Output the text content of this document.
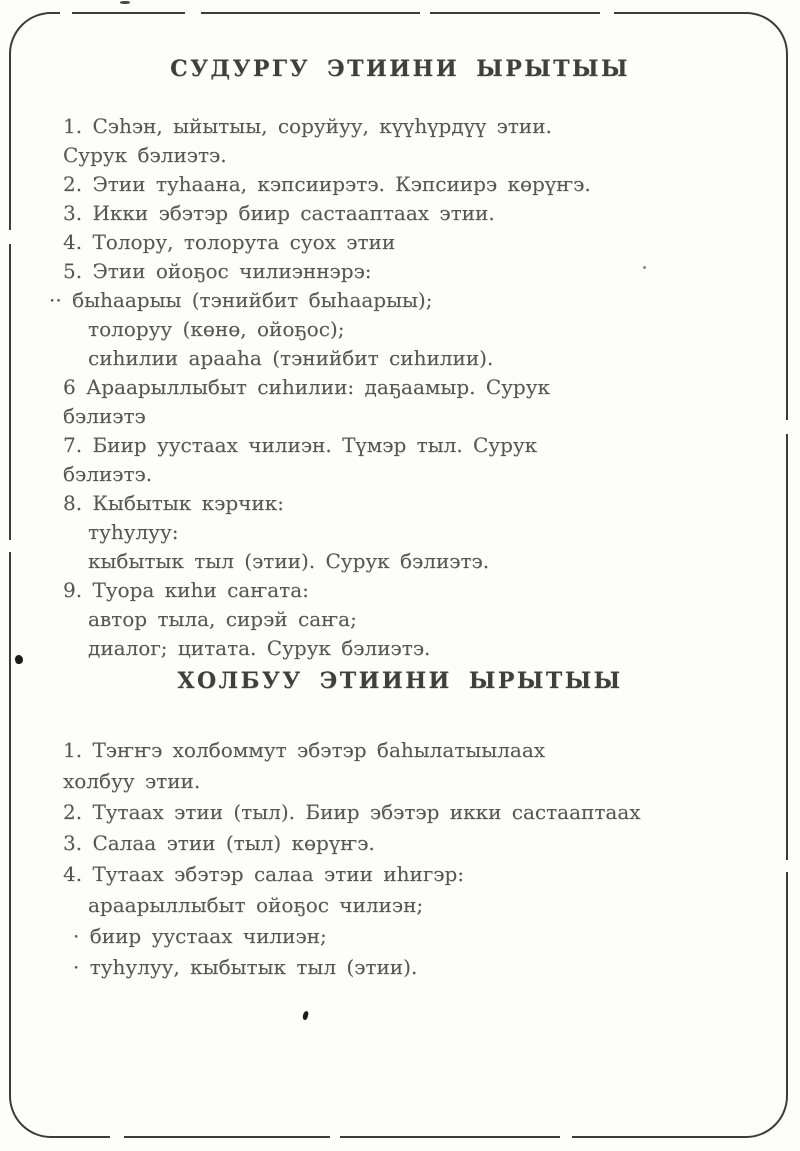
СУДУРГУ ЭТИИНИ ЫРЫТЫЫ
1. Сэһэн, ыйытыы, соруйуу, күүһүрдүү этии.
Сурук бэлиэтэ.
2. Этии туһаана, кэпсиирэтэ. Кэпсиирэ көрүҥэ.
3. Икки эбэтэр биир састааптаах этии.
4. Толору, толорута суох этии
5. Этии ойоҕос чилиэннэрэ:
·· быһаарыы (тэнийбит быһаарыы);
толоруу (көнө, ойоҕос);
сиһилии арааһа (тэнийбит сиһилии).
6 Араарыллыбыт сиһилии: даҕаамыр. Сурук
бэлиэтэ
7. Биир уустаах чилиэн. Түмэр тыл. Сурук
бэлиэтэ.
8. Кыбытык кэрчик:
туһулуу:
кыбытык тыл (этии). Сурук бэлиэтэ.
9. Туора киһи саҥата:
автор тыла, сирэй саҥа;
диалог; цитата. Сурук бэлиэтэ.
ХОЛБУУ ЭТИИНИ ЫРЫТЫЫ
1. Тэҥҥэ холбоммут эбэтэр баһылатыылаах
холбуу этии.
2. Тутаах этии (тыл). Биир эбэтэр икки састааптаах
3. Салаа этии (тыл) көрүҥэ.
4. Тутаах эбэтэр салаа этии иһигэр:
араарыллыбыт ойоҕос чилиэн;
· биир уустаах чилиэн;
· туһулуу, кыбытык тыл (этии).
